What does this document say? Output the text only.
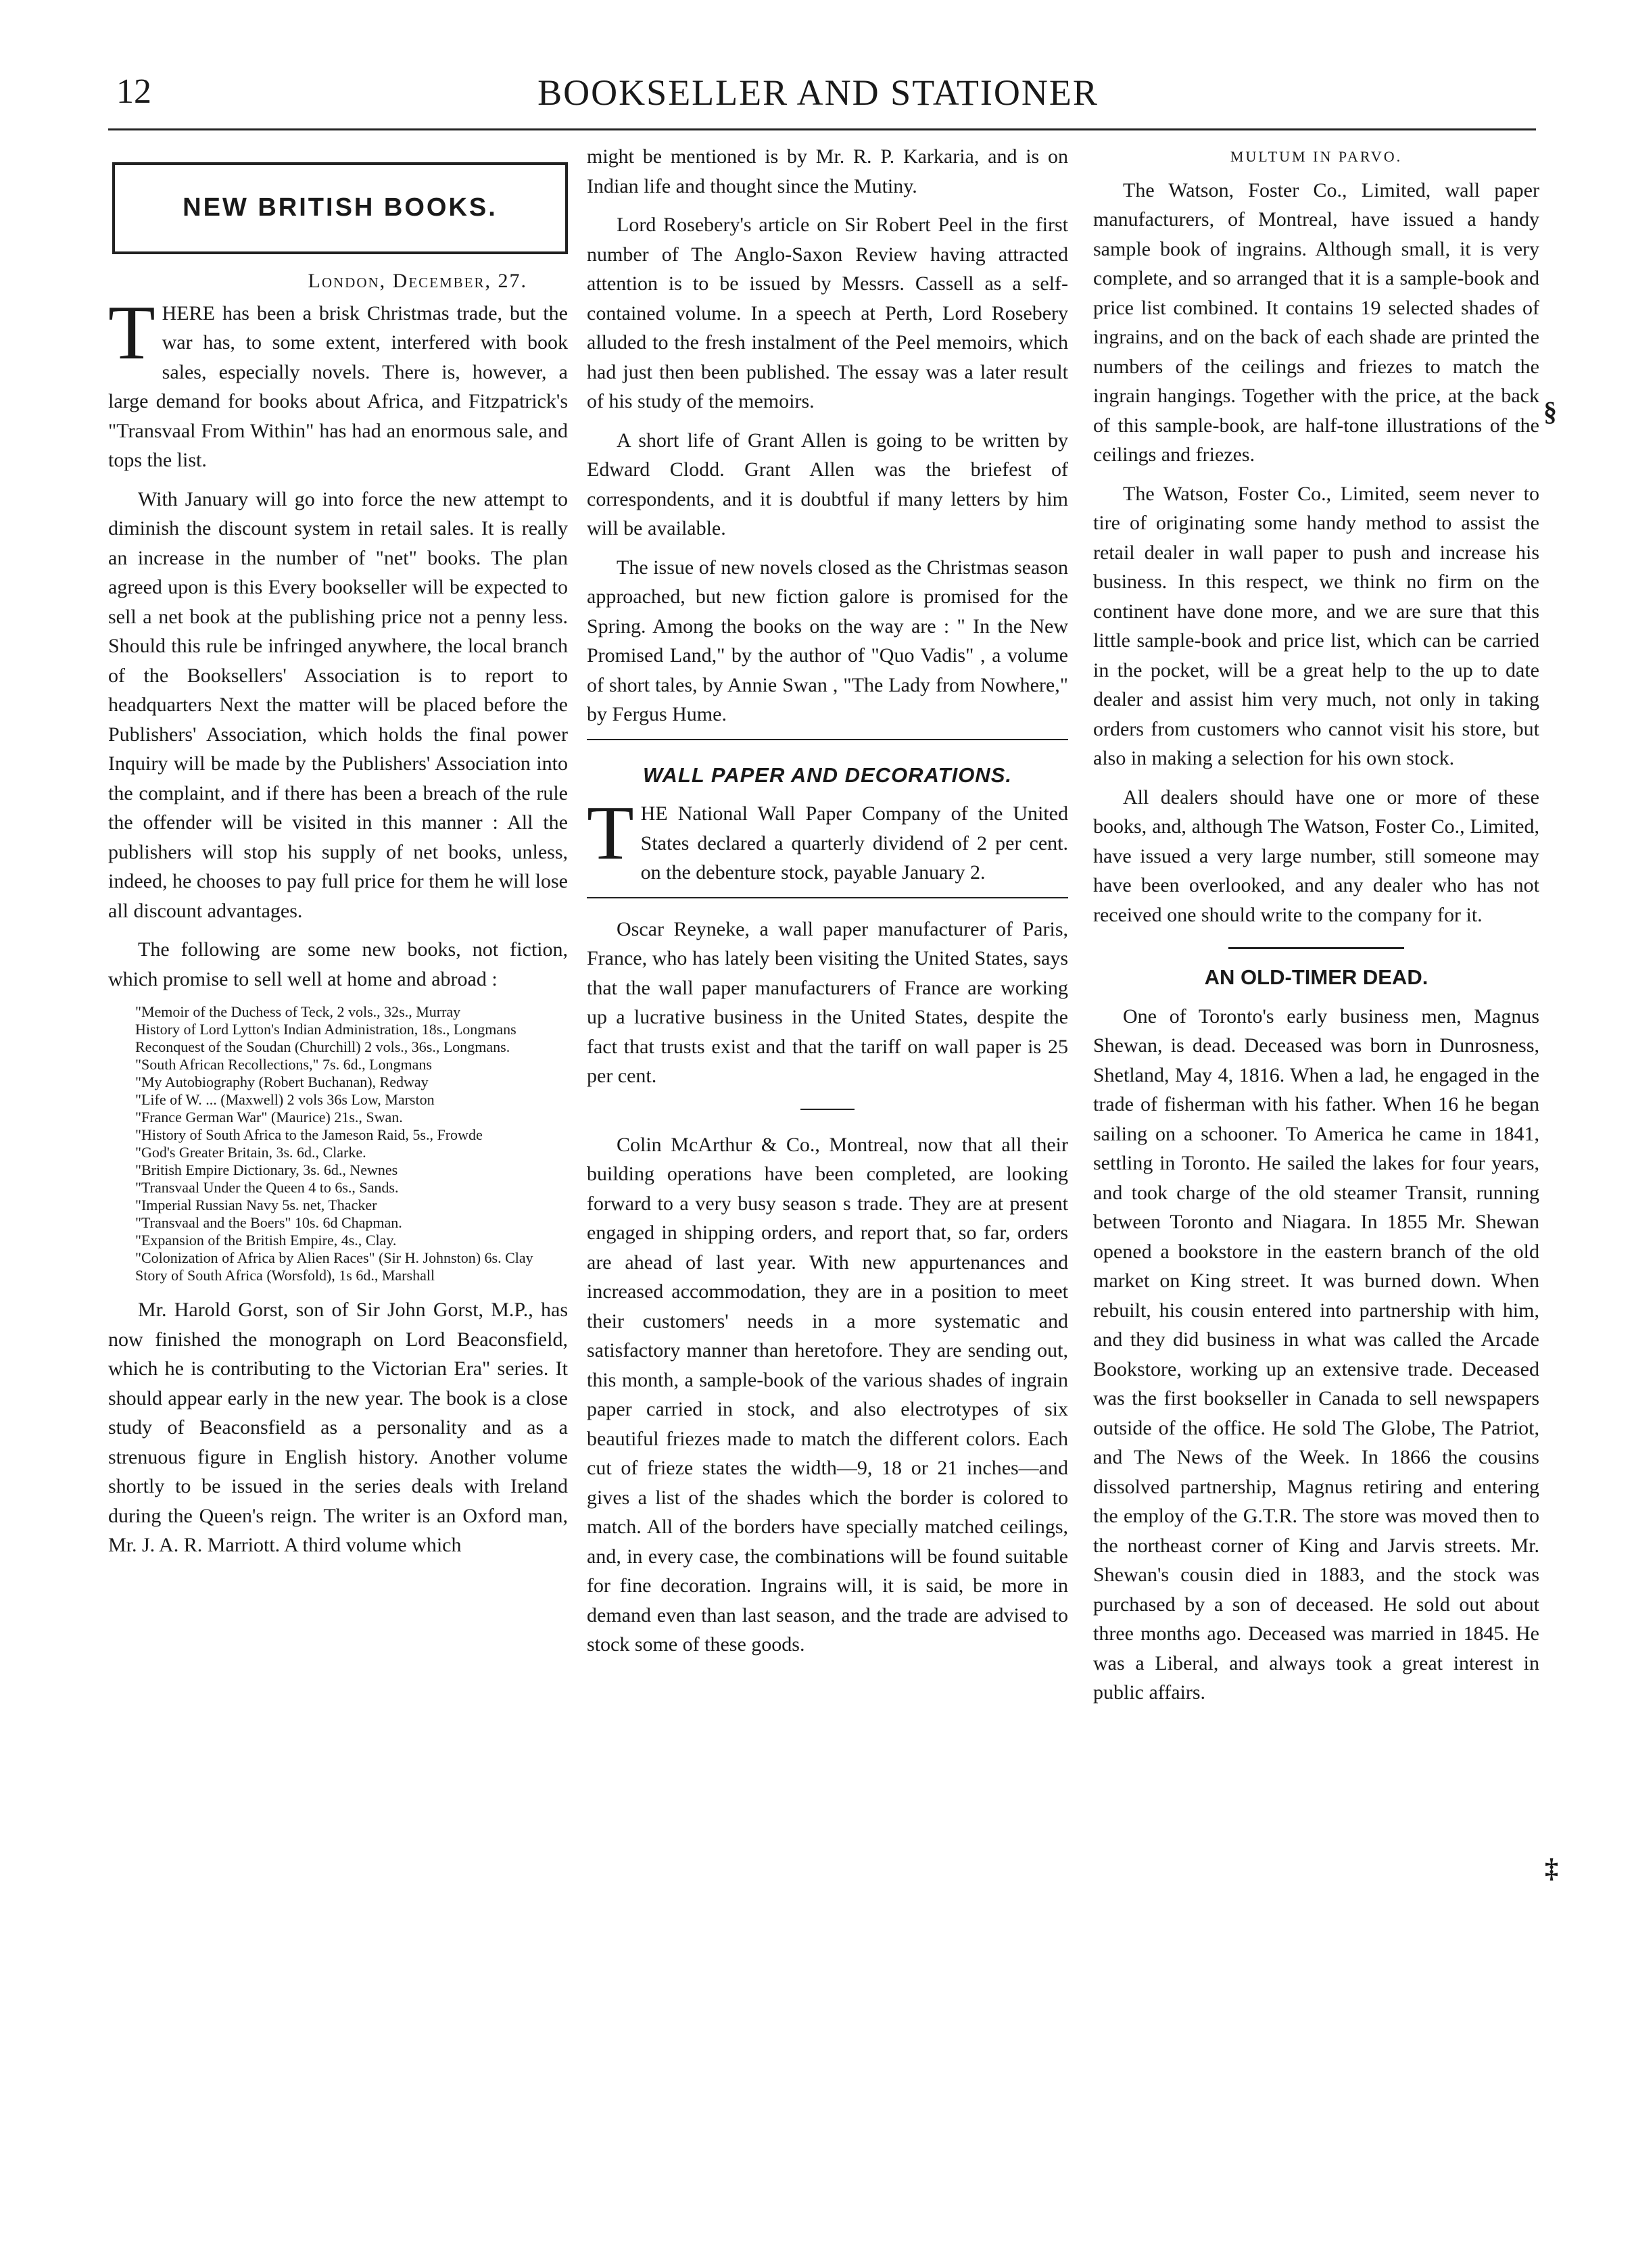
12	BOOKSELLER AND STATIONER
NEW BRITISH BOOKS.
London, December, 27.

THERE has been a brisk Christmas trade, but the war has, to some extent, interfered with book sales, especially novels. There is, however, a large demand for books about Africa, and Fitzpatrick's "Transvaal From Within" has had an enormous sale, and tops the list.

With January will go into force the new attempt to diminish the discount system in retail sales. It is really an increase in the number of "net" books. The plan agreed upon is this Every bookseller will be expected to sell a net book at the publishing price not a penny less. Should this rule be infringed anywhere, the local branch of the Booksellers' Association is to report to headquarters Next the matter will be placed before the Publishers' Association, which holds the final power Inquiry will be made by the Publishers' Association into the complaint, and if there has been a breach of the rule the offender will be visited in this manner : All the publishers will stop his supply of net books, unless, indeed, he chooses to pay full price for them he will lose all discount advantages.

The following are some new books, not fiction, which promise to sell well at home and abroad :

"Memoir of the Duchess of Teck, 2 vols., 32s., Murray
History of Lord Lytton's Indian Administration, 18s., Longmans
Reconquest of the Soudan (Churchill) 2 vols., 36s., Longmans.
"South African Recollections," 7s. 6d., Longmans
"My Autobiography (Robert Buchanan), Redway
"Life of W. ... (Maxwell) 2 vols 36s Low, Marston
"France German War" (Maurice) 21s., Swan.
"History of South Africa to the Jameson Raid, 5s., Frowde
"God's Greater Britain, 3s. 6d., Clarke.
"British Empire Dictionary, 3s. 6d., Newnes
"Transvaal Under the Queen 4 to 6s., Sands.
"Imperial Russian Navy 5s. net, Thacker
"Transvaal and the Boers" 10s. 6d Chapman.
"Expansion of the British Empire, 4s., Clay.
"Colonization of Africa by Alien Races" (Sir H. Johnston) 6s. Clay
Story of South Africa (Worsfold), 1s 6d., Marshall

Mr. Harold Gorst, son of Sir John Gorst, M.P., has now finished the monograph on Lord Beaconsfield, which he is contributing to the Victorian Era" series. It should appear early in the new year. The book is a close study of Beaconsfield as a personality and as a strenuous figure in English history. Another volume shortly to be issued in the series deals with Ireland during the Queen's reign. The writer is an Oxford man, Mr. J. A. R. Marriott. A third volume which

might be mentioned is by Mr. R. P. Karkaria, and is on Indian life and thought since the Mutiny.

Lord Rosebery's article on Sir Robert Peel in the first number of The Anglo-Saxon Review having attracted attention is to be issued by Messrs. Cassell as a self-contained volume. In a speech at Perth, Lord Rosebery alluded to the fresh instalment of the Peel memoirs, which had just then been published. The essay was a later result of his study of the memoirs.

A short life of Grant Allen is going to be written by Edward Clodd. Grant Allen was the briefest of correspondents, and it is doubtful if many letters by him will be available.

The issue of new novels closed as the Christmas season approached, but new fiction galore is promised for the Spring. Among the books on the way are : " In the New Promised Land," by the author of "Quo Vadis" , a volume of short tales, by Annie Swan , "The Lady from Nowhere," by Fergus Hume.

WALL PAPER AND DECORATIONS.

THE National Wall Paper Company of the United States declared a quarterly dividend of 2 per cent. on the debenture stock, payable January 2.

Oscar Reyneke, a wall paper manufacturer of Paris, France, who has lately been visiting the United States, says that the wall paper manufacturers of France are working up a lucrative business in the United States, despite the fact that trusts exist and that the tariff on wall paper is 25 per cent.

Colin McArthur & Co., Montreal, now that all their building operations have been completed, are looking forward to a very busy season s trade. They are at present engaged in shipping orders, and report that, so far, orders are ahead of last year. With new appurtenances and increased accommodation, they are in a position to meet their customers' needs in a more systematic and satisfactory manner than heretofore. They are sending out, this month, a sample-book of the various shades of ingrain paper carried in stock, and also electrotypes of six beautiful friezes made to match the different colors. Each cut of frieze states the width—9, 18 or 21 inches—and gives a list of the shades which the border is colored to match. All of the borders have specially matched ceilings, and, in every case, the combinations will be found suitable for fine decoration. Ingrains will, it is said, be more in demand even than last season, and the trade are advised to stock some of these goods.

MULTUM IN PARVO.

The Watson, Foster Co., Limited, wall paper manufacturers, of Montreal, have issued a handy sample book of ingrains. Although small, it is very complete, and so arranged that it is a sample-book and price list combined. It contains 19 selected shades of ingrains, and on the back of each shade are printed the numbers of the ceilings and friezes to match the ingrain hangings. Together with the price, at the back of this sample-book, are half-tone illustrations of the ceilings and friezes.

The Watson, Foster Co., Limited, seem never to tire of originating some handy method to assist the retail dealer in wall paper to push and increase his business. In this respect, we think no firm on the continent have done more, and we are sure that this little sample-book and price list, which can be carried in the pocket, will be a great help to the up to date dealer and assist him very much, not only in taking orders from customers who cannot visit his store, but also in making a selection for his own stock.

All dealers should have one or more of these books, and, although The Watson, Foster Co., Limited, have issued a very large number, still someone may have been overlooked, and any dealer who has not received one should write to the company for it.

AN OLD-TIMER DEAD.

One of Toronto's early business men, Magnus Shewan, is dead. Deceased was born in Dunrosness, Shetland, May 4, 1816. When a lad, he engaged in the trade of fisherman with his father. When 16 he began sailing on a schooner. To America he came in 1841, settling in Toronto. He sailed the lakes for four years, and took charge of the old steamer Transit, running between Toronto and Niagara. In 1855 Mr. Shewan opened a bookstore in the eastern branch of the old market on King street. It was burned down. When rebuilt, his cousin entered into partnership with him, and they did business in what was called the Arcade Bookstore, working up an extensive trade. Deceased was the first bookseller in Canada to sell newspapers outside of the office. He sold The Globe, The Patriot, and The News of the Week. In 1866 the cousins dissolved partnership, Magnus retiring and entering the employ of the G.T.R. The store was moved then to the northeast corner of King and Jarvis streets. Mr. Shewan's cousin died in 1883, and the stock was purchased by a son of deceased. He sold out about three months ago. Deceased was married in 1845. He was a Liberal, and always took a great interest in public affairs.

§
‡
